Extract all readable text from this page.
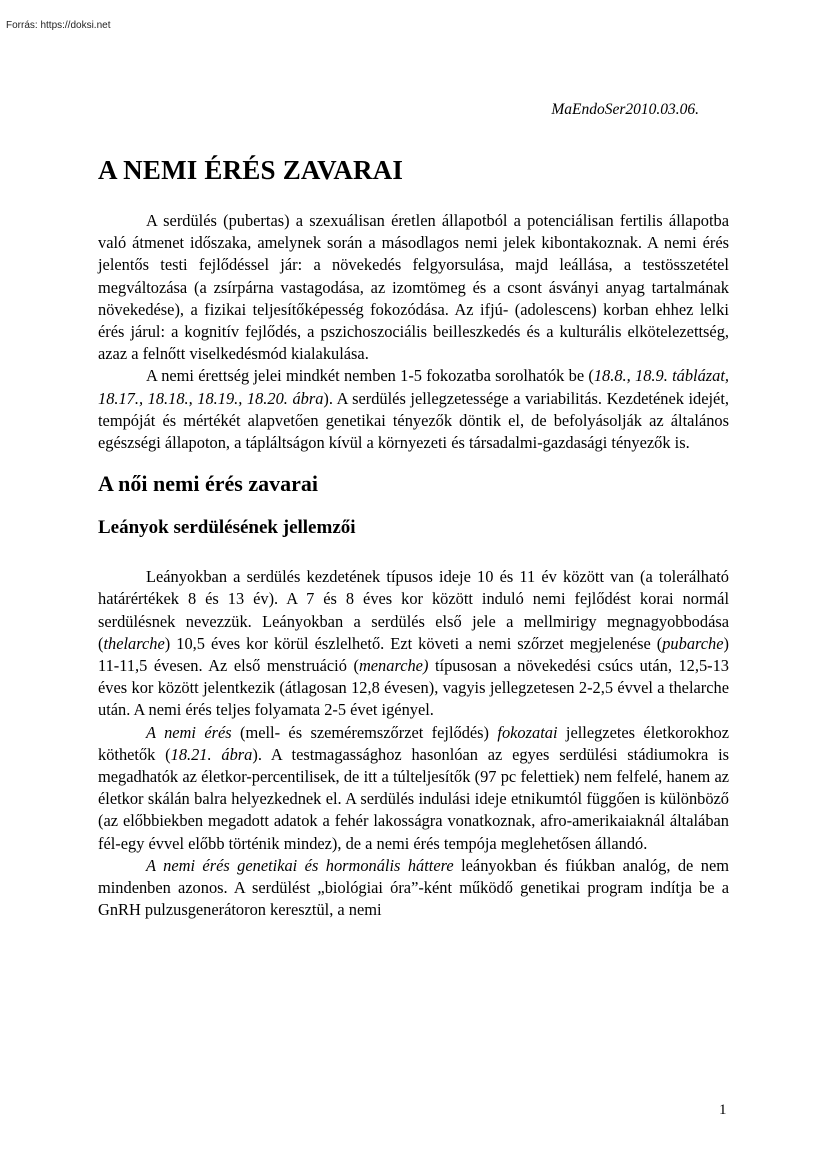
Forrás: https://doksi.net
MaEndoSer2010.03.06.
A NEMI ÉRÉS ZAVARAI

A serdülés (pubertas) a szexuálisan éretlen állapotból a potenciálisan fertilis állapotba való átmenet időszaka, amelynek során a másodlagos nemi jelek kibontakoznak. A nemi érés jelentős testi fejlődéssel jár: a növekedés felgyorsulása, majd leállása, a testösszetétel megváltozása (a zsírpárna vastagodása, az izomtömeg és a csont ásványi anyag tartalmának növekedése), a fizikai teljesítőképesség fokozódása. Az ifjú- (adolescens) korban ehhez lelki érés járul: a kognitív fejlődés, a pszichoszociális beilleszkedés és a kulturális elkötelezettség, azaz a felnőtt viselkedésmód kialakulása.

A nemi érettség jelei mindkét nemben 1-5 fokozatba sorolhatók be (18.8., 18.9. táblázat, 18.17., 18.18., 18.19., 18.20. ábra). A serdülés jellegzetessége a variabilitás. Kezdetének idejét, tempóját és mértékét alapvetően genetikai tényezők döntik el, de befolyásolják az általános egészségi állapoton, a tápláltságon kívül a környezeti és társadalmi-gazdasági tényezők is.

A női nemi érés zavarai
Leányok serdülésének jellemzői

Leányokban a serdülés kezdetének típusos ideje 10 és 11 év között van (a tolerálható határértékek 8 és 13 év). A 7 és 8 éves kor között induló nemi fejlődést korai normál serdülésnek nevezzük. Leányokban a serdülés első jele a mellmirigy megnagyobbodása (thelarche) 10,5 éves kor körül észlelhető. Ezt követi a nemi szőrzet megjelenése (pubarche) 11-11,5 évesen. Az első menstruáció (menarche) típusosan a növekedési csúcs után, 12,5-13 éves kor között jelentkezik (átlagosan 12,8 évesen), vagyis jellegzetesen 2-2,5 évvel a thelarche után. A nemi érés teljes folyamata 2-5 évet igényel.

A nemi érés (mell- és szeméremszőrzet fejlődés) fokozatai jellegzetes életkorokhoz köthetők (18.21. ábra). A testmagassághoz hasonlóan az egyes serdülési stádiumokra is megadhatók az életkor-percentilisek, de itt a túlteljesítők (97 pc felettiek) nem felfelé, hanem az életkor skálán balra helyezkednek el. A serdülés indulási ideje etnikumtól függően is különböző (az előbbiekben megadott adatok a fehér lakosságra vonatkoznak, afro-amerikaiaknál általában fél-egy évvel előbb történik mindez), de a nemi érés tempója meglehetősen állandó.

A nemi érés genetikai és hormonális háttere leányokban és fiúkban analóg, de nem mindenben azonos. A serdülést „biológiai óra”-ként működő genetikai program indítja be a GnRH pulzusgenerátoron keresztül, a nemi

1
